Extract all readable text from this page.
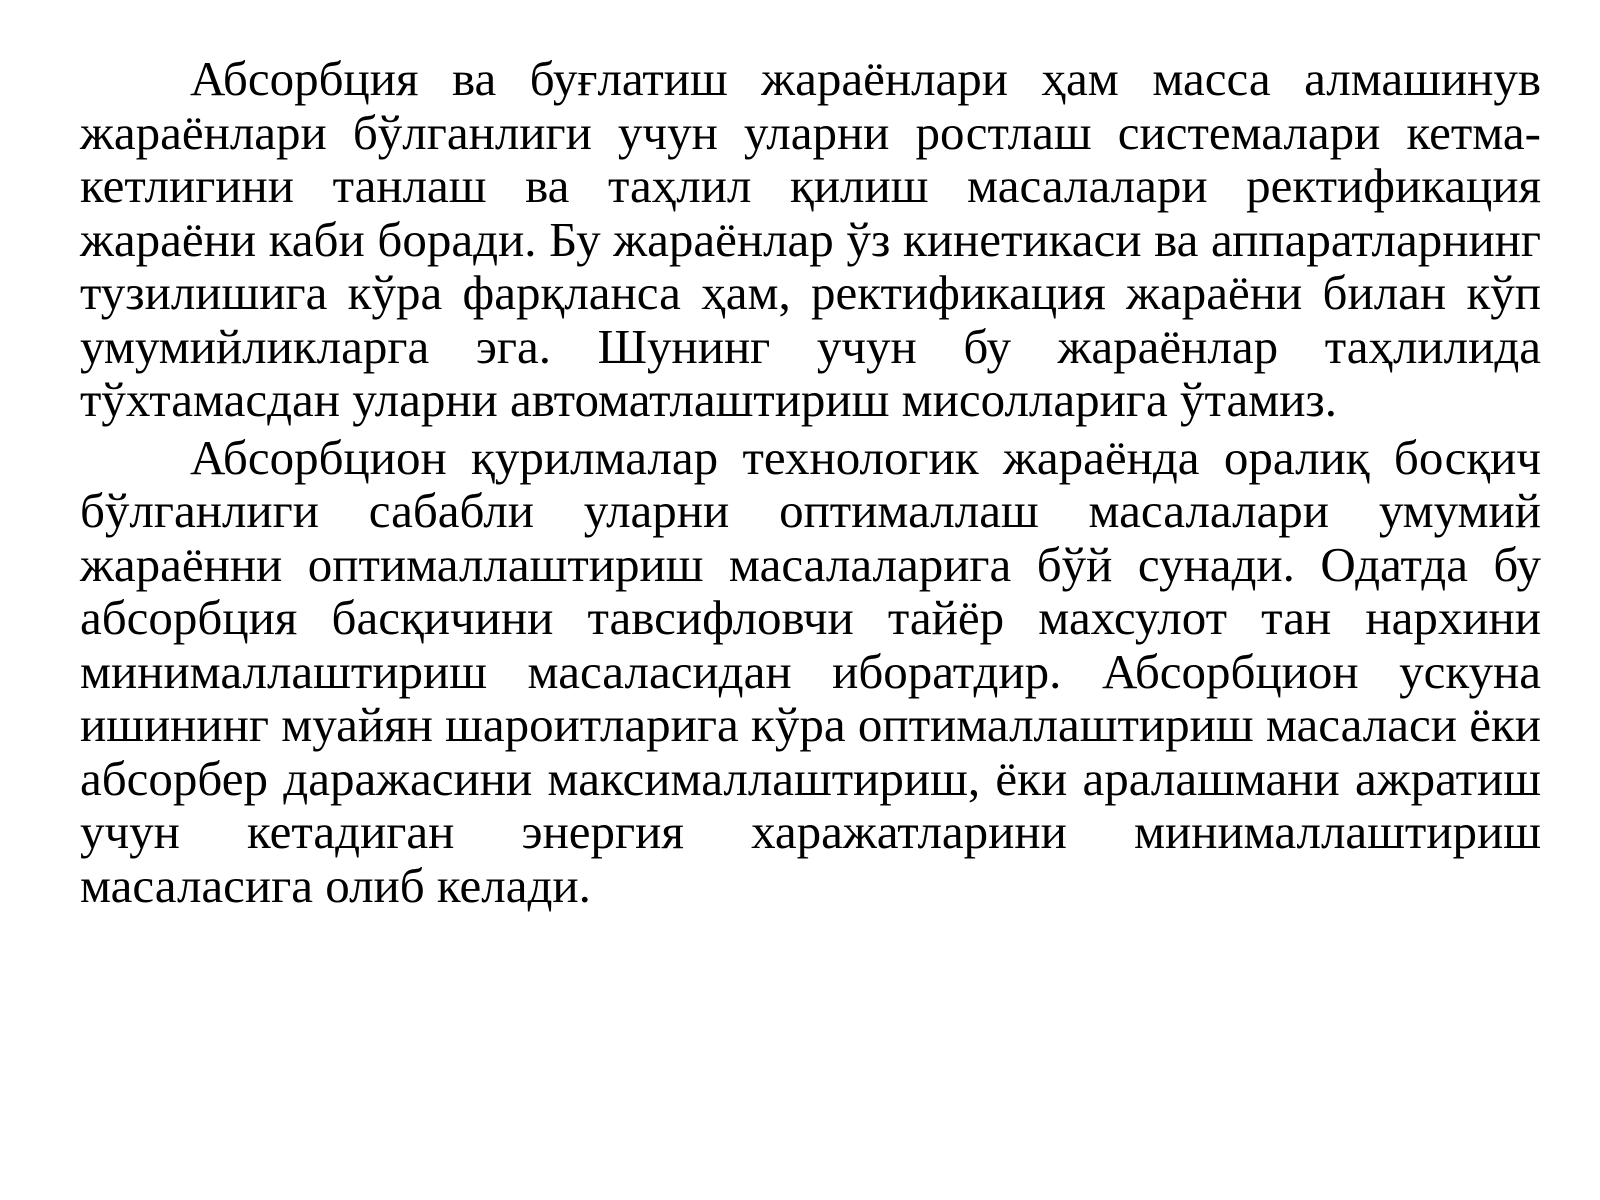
Абсорбция ва буғлатиш жараёнлари ҳам масса алмашинув жараёнлари бўлганлиги учун уларни ростлаш системалари кетма-кетлигини танлаш ва таҳлил қилиш масалалари ректификация жараёни каби боради. Бу жараёнлар ўз кинетикаси ва аппаратларнинг тузилишига кўра фарқланса ҳам, ректификация жараёни билан кўп умумийликларга эга. Шунинг учун бу жараёнлар таҳлилида тўхтамасдан уларни автоматлаштириш мисолларига ўтамиз.

Абсорбцион қурилмалар технологик жараёнда оралиқ босқич бўлганлиги сабабли уларни оптималлаш масалалари умумий жараённи оптималлаштириш масалаларига бўй сунади. Одатда бу абсорбция басқичини тавсифловчи тайёр махсулот тан нархини минималлаштириш масаласидан иборатдир. Абсорбцион ускуна ишининг муайян шароитларига кўра оптималлаштириш масаласи ёки абсорбер даражасини максималлаштириш, ёки аралашмани ажратиш учун кетадиган энергия харажатларини минималлаштириш масаласига олиб келади.
